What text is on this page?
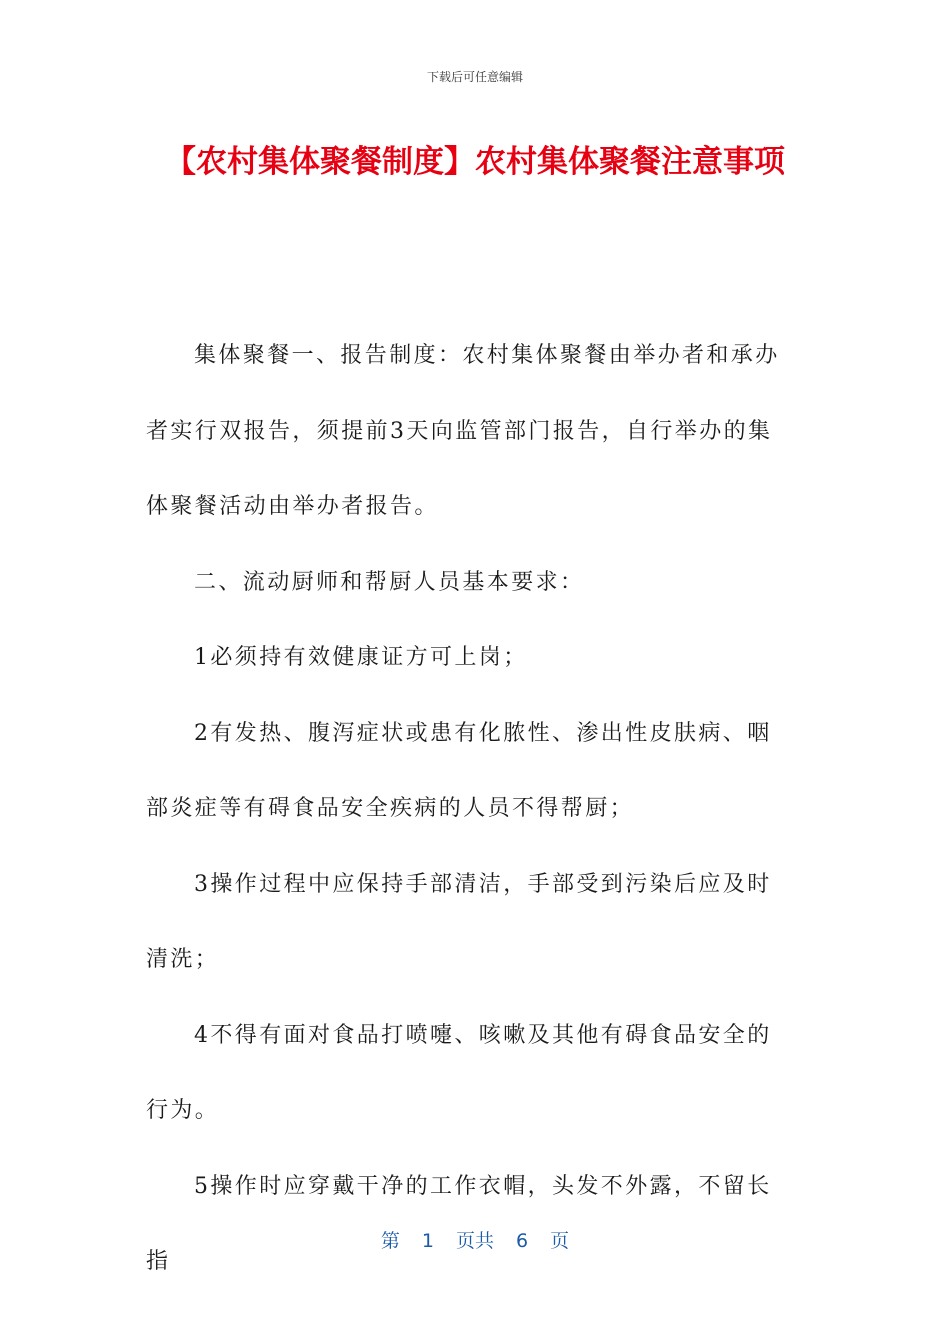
下载后可任意编辑
【农村集体聚餐制度】农村集体聚餐注意事项

集体聚餐一、报告制度：农村集体聚餐由举办者和承办者实行双报告，须提前3天向监管部门报告，自行举办的集体聚餐活动由举办者报告。

二、流动厨师和帮厨人员基本要求：

1必须持有效健康证方可上岗；

2有发热、腹泻症状或患有化脓性、渗出性皮肤病、咽部炎症等有碍食品安全疾病的人员不得帮厨；

3操作过程中应保持手部清洁，手部受到污染后应及时清洗；

4不得有面对食品打喷嚏、咳嗽及其他有碍食品安全的行为。

5操作时应穿戴干净的工作衣帽，头发不外露，不留长指

第 1 页共 6 页
